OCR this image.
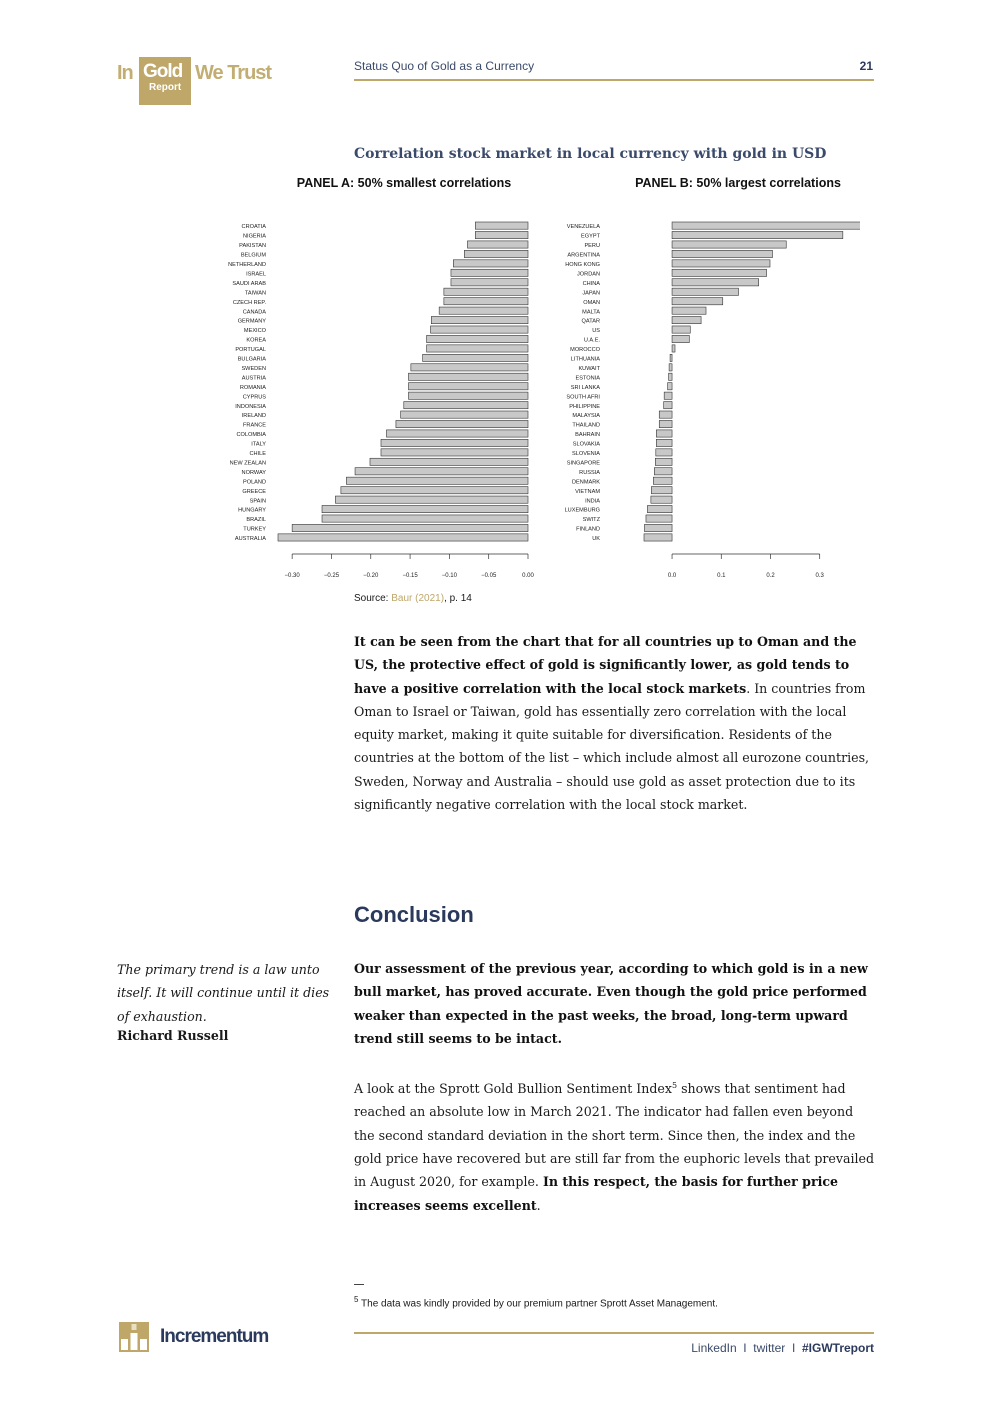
In Gold
Report
We Trust	Status Quo of Gold as a Currency	21
Correlation stock market in local currency with gold in USD
PANEL A: 50% smallest correlations
CROATIA
NIGERIA
PAKISTAN
BELGIUM
NETHERLAND
ISRAEL
SAUDI ARAB
TAIWAN
CZECH REP.
CANADA
GERMANY
MEXICO
KOREA
PORTUGAL
BULGARIA
SWEDEN
AUSTRIA
ROMANIA
CYPRUS
INDONESIA
IRELAND
FRANCE
COLOMBIA
ITALY
CHILE
NEW ZEALAN
NORWAY
POLAND
GREECE
SPAIN
HUNGARY
BRAZIL
TURKEY
AUSTRALIA
−0.30	−0.25	−0.20	−0.15	−0.10	−0.05	0.00
PANEL B: 50% largest correlations
VENEZUELA
EGYPT
PERU
ARGENTINA
HONG KONG
JORDAN
CHINA
JAPAN
OMAN
MALTA
QATAR
US
U.A.E.
MOROCCO
LITHUANIA
KUWAIT
ESTONIA
SRI LANKA
SOUTH AFRI
PHILIPPINE
MALAYSIA
THAILAND
BAHRAIN
SLOVAKIA
SLOVENIA
SINGAPORE
RUSSIA
DENMARK
VIETNAM
INDIA
LUXEMBURG
SWITZ
FINLAND
UK
0.0	0.1	0.2	0.3
Source: Baur (2021), p. 14
It can be seen from the chart that for all countries up to Oman and the US, the protective effect of gold is significantly lower, as gold tends to have a positive correlation with the local stock markets. In countries from Oman to Israel or Taiwan, gold has essentially zero correlation with the local equity market, making it quite suitable for diversification. Residents of the countries at the bottom of the list – which include almost all eurozone countries, Sweden, Norway and Australia – should use gold as asset protection due to its significantly negative correlation with the local stock market.
Conclusion
The primary trend is a law unto itself. It will continue until it dies of exhaustion.
Richard Russell
Our assessment of the previous year, according to which gold is in a new bull market, has proved accurate. Even though the gold price performed weaker than expected in the past weeks, the broad, long-term upward trend still seems to be intact.
A look at the Sprott Gold Bullion Sentiment Index$^5$ shows that sentiment had reached an absolute low in March 2021. The indicator had fallen even beyond the second standard deviation in the short term. Since then, the index and the gold price have recovered but are still far from the euphoric levels that prevailed in August 2020, for example. In this respect, the basis for further price increases seems excellent.
$^5$ The data was kindly provided by our premium partner Sprott Asset Management.
Incrementum
LinkedIn  I  twitter  I  #IGWTreport
